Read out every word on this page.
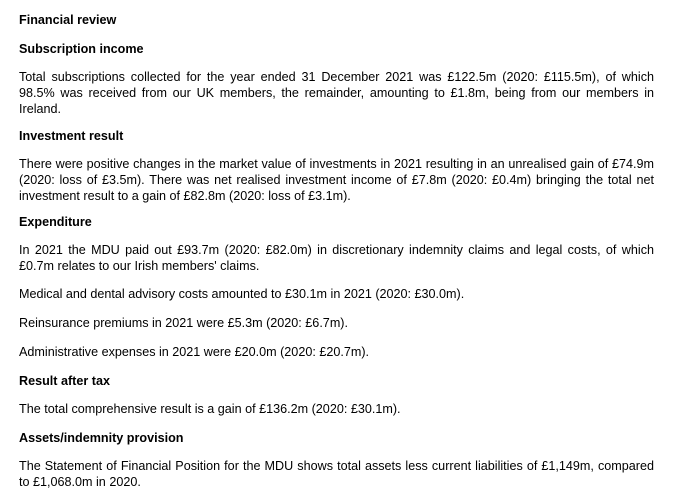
Financial review

Subscription income

Total subscriptions collected for the year ended 31 December 2021 was £122.5m (2020: £115.5m), of which 98.5% was received from our UK members, the remainder, amounting to £1.8m, being from our members in Ireland.

Investment result

There were positive changes in the market value of investments in 2021 resulting in an unrealised gain of £74.9m (2020: loss of £3.5m). There was net realised investment income of £7.8m (2020: £0.4m) bringing the total net investment result to a gain of £82.8m (2020: loss of £3.1m).

Expenditure

In 2021 the MDU paid out £93.7m (2020: £82.0m) in discretionary indemnity claims and legal costs, of which £0.7m relates to our Irish members' claims.

Medical and dental advisory costs amounted to £30.1m in 2021 (2020: £30.0m).

Reinsurance premiums in 2021 were £5.3m (2020: £6.7m).

Administrative expenses in 2021 were £20.0m (2020: £20.7m).

Result after tax

The total comprehensive result is a gain of £136.2m (2020: £30.1m).

Assets/indemnity provision

The Statement of Financial Position for the MDU shows total assets less current liabilities of £1,149m, compared to £1,068.0m in 2020.
